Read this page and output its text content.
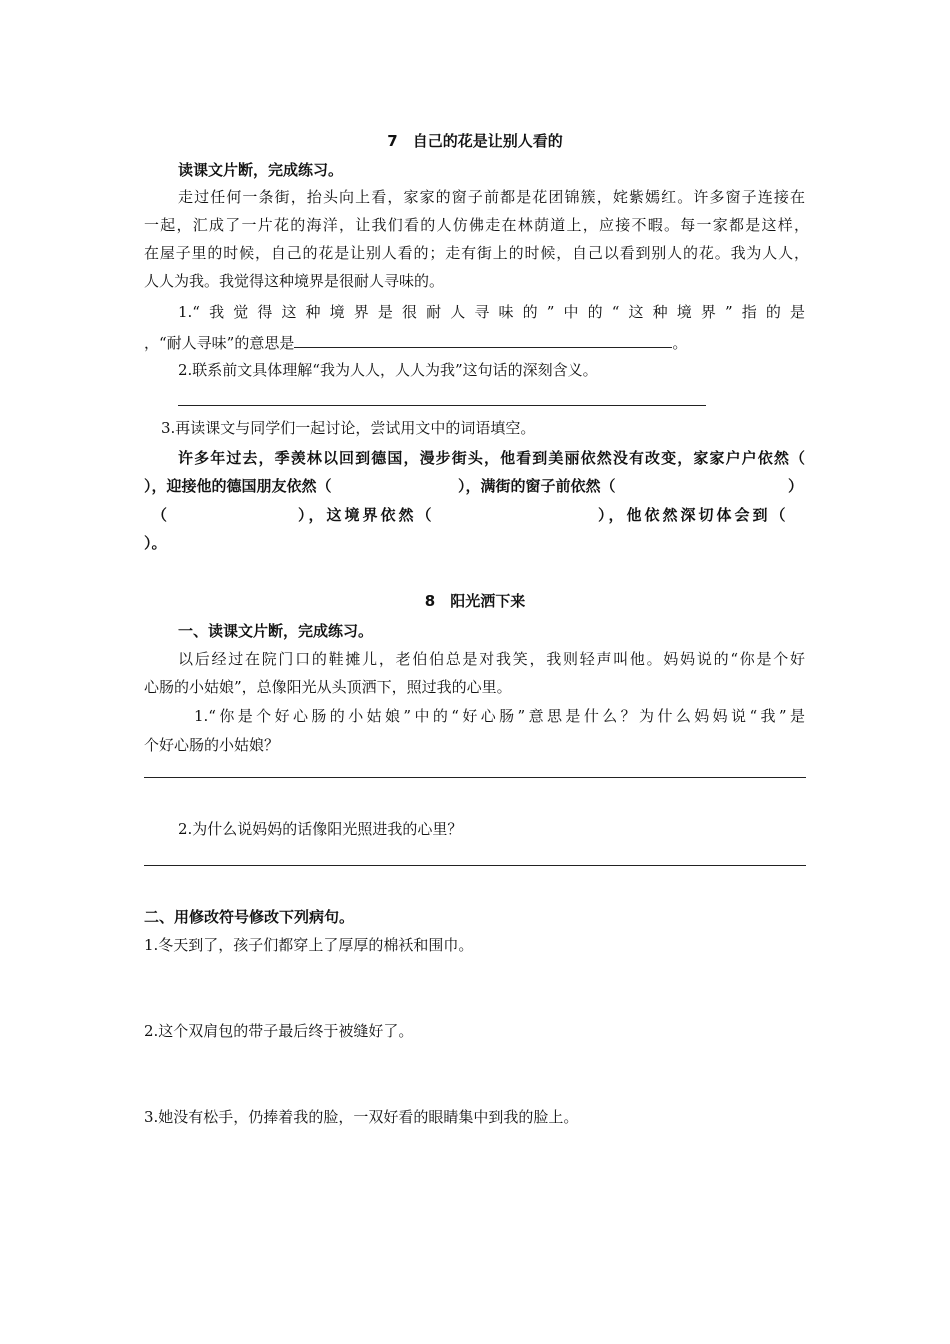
7　自己的花是让别人看的
读课文片断，完成练习。
走过任何一条街，抬头向上看，家家的窗子前都是花团锦簇，姹紫嫣红。许多窗子连接在
一起，汇成了一片花的海洋，让我们看的人仿佛走在林荫道上，应接不暇。每一家都是这样，
在屋子里的时候，自己的花是让别人看的；走有街上的时候，自己以看到别人的花。我为人人，
人人为我。我觉得这种境界是很耐人寻味的。
1.“我觉得这种境界是很耐人寻味的”中的“这种境界”指的是
，“耐人寻味”的意思是	。
2.联系前文具体理解“我为人人，人人为我”这句话的深刻含义。
3.再读课文与同学们一起讨论，尝试用文中的词语填空。
许多年过去，季羡林以回到德国，漫步街头，他看到美丽依然没有改变，家家户户依然（
），迎接他的德国朋友依然（	），满街的窗子前依然（	）
（	），这境界依然（	），他依然深切体会到（
）。
8　阳光洒下来
一、读课文片断，完成练习。
以后经过在院门口的鞋摊儿，老伯伯总是对我笑，我则轻声叫他。妈妈说的“你是个好
心肠的小姑娘”，总像阳光从头顶洒下，照过我的心里。
1.“你是个好心肠的小姑娘”中的“好心肠”意思是什么？为什么妈妈说“我”是
个好心肠的小姑娘？
2.为什么说妈妈的话像阳光照进我的心里？
二、用修改符号修改下列病句。
1.冬天到了，孩子们都穿上了厚厚的棉袄和围巾。
2.这个双肩包的带子最后终于被缝好了。
3.她没有松手，仍捧着我的脸，一双好看的眼睛集中到我的脸上。
